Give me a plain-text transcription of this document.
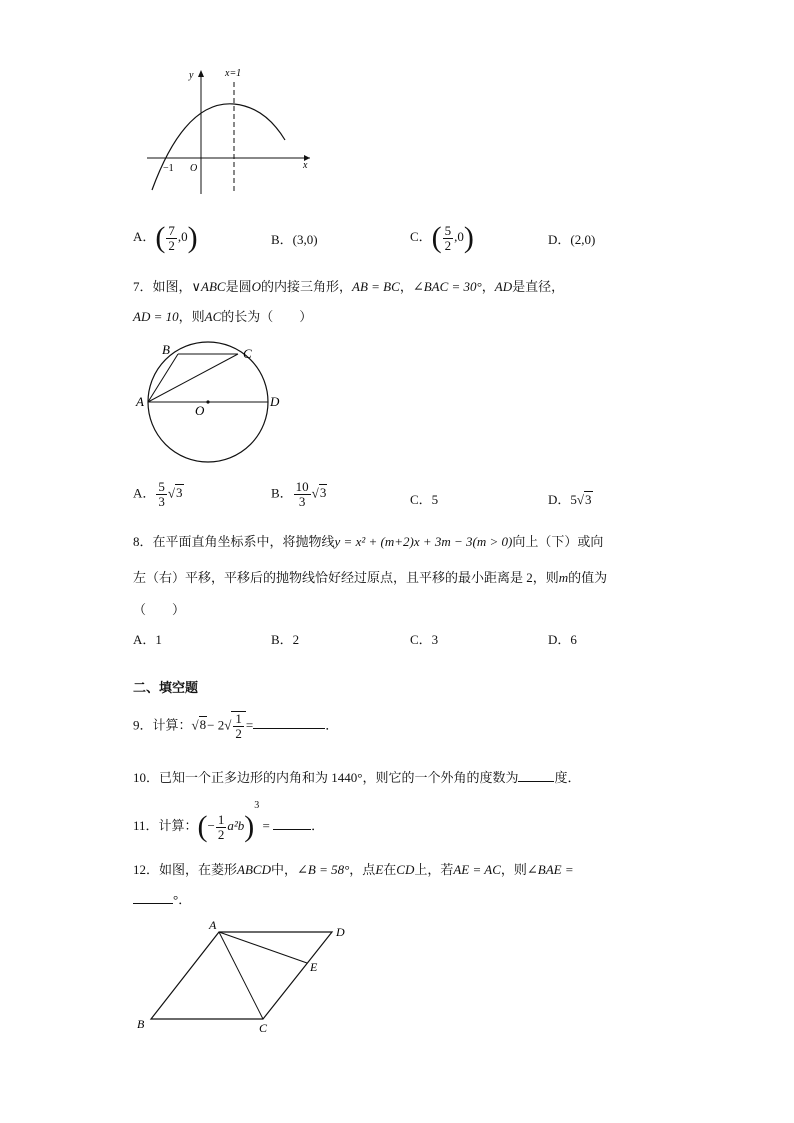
y
x
x=1
−1 O
A．( $\frac{7}{2} ,0$)	B．(3,0)	C．( $\frac{5}{2} ,0$)	D．(2,0)
7．如图，∨ABC是圆O的内接三角形，AB = BC，∠BAC = 30°，AD是直径，
AD = 10，则AC的长为（　　）
A
B	C
D
O
A． $\frac{5}{3} √3$	B． $\frac{10}{3} √3$	C．5	D．5√3
8．在平面直角坐标系中，将抛物线y = x² + (m+2)x + 3m − 3(m > 0)向上（下）或向
左（右）平移，平移后的抛物线恰好经过原点，且平移的最小距离是 2，则m的值为
（　　）
A．1	B．2	C．3	D．6
二、填空题
9．计算：$√8- 2√ \frac{1}{2}$ =	．
10．已知一个正多边形的内角和为 1440°，则它的一个外角的度数为	度．
11．计算：(− $\frac{1}{2} a^2b)^3$ =	．
12．如图，在菱形ABCD中，∠B = 58°，点E在CD上，若AE = AC，则∠BAE =
°．
A	D
E
B	C
